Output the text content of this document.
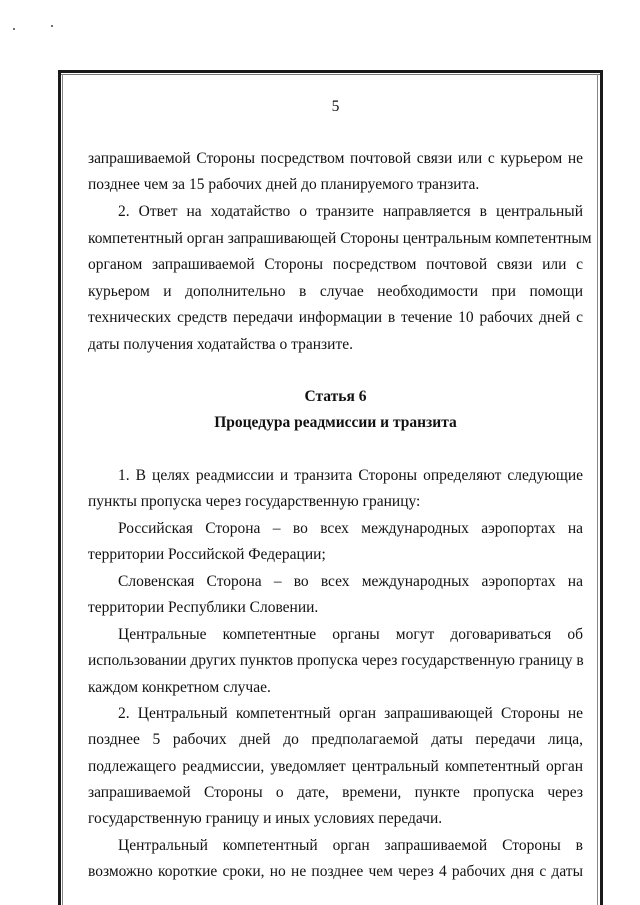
5
запрашиваемой Стороны посредством почтовой связи или с курьером не
позднее чем за 15 рабочих дней до планируемого транзита.
2. Ответ на ходатайство о транзите направляется в центральный
компетентный орган запрашивающей Стороны центральным компетентным
органом запрашиваемой Стороны посредством почтовой связи или с
курьером и дополнительно в случае необходимости при помощи
технических средств передачи информации в течение 10 рабочих дней с
даты получения ходатайства о транзите.
Статья 6
Процедура реадмиссии и транзита
1. В целях реадмиссии и транзита Стороны определяют следующие
пункты пропуска через государственную границу:
Российская Сторона – во всех международных аэропортах на
территории Российской Федерации;
Словенская Сторона – во всех международных аэропортах на
территории Республики Словении.
Центральные компетентные органы могут договариваться об
использовании других пунктов пропуска через государственную границу в
каждом конкретном случае.
2. Центральный компетентный орган запрашивающей Стороны не
позднее 5 рабочих дней до предполагаемой даты передачи лица,
подлежащего реадмиссии, уведомляет центральный компетентный орган
запрашиваемой Стороны о дате, времени, пункте пропуска через
государственную границу и иных условиях передачи.
Центральный компетентный орган запрашиваемой Стороны в
возможно короткие сроки, но не позднее чем через 4 рабочих дня с даты
